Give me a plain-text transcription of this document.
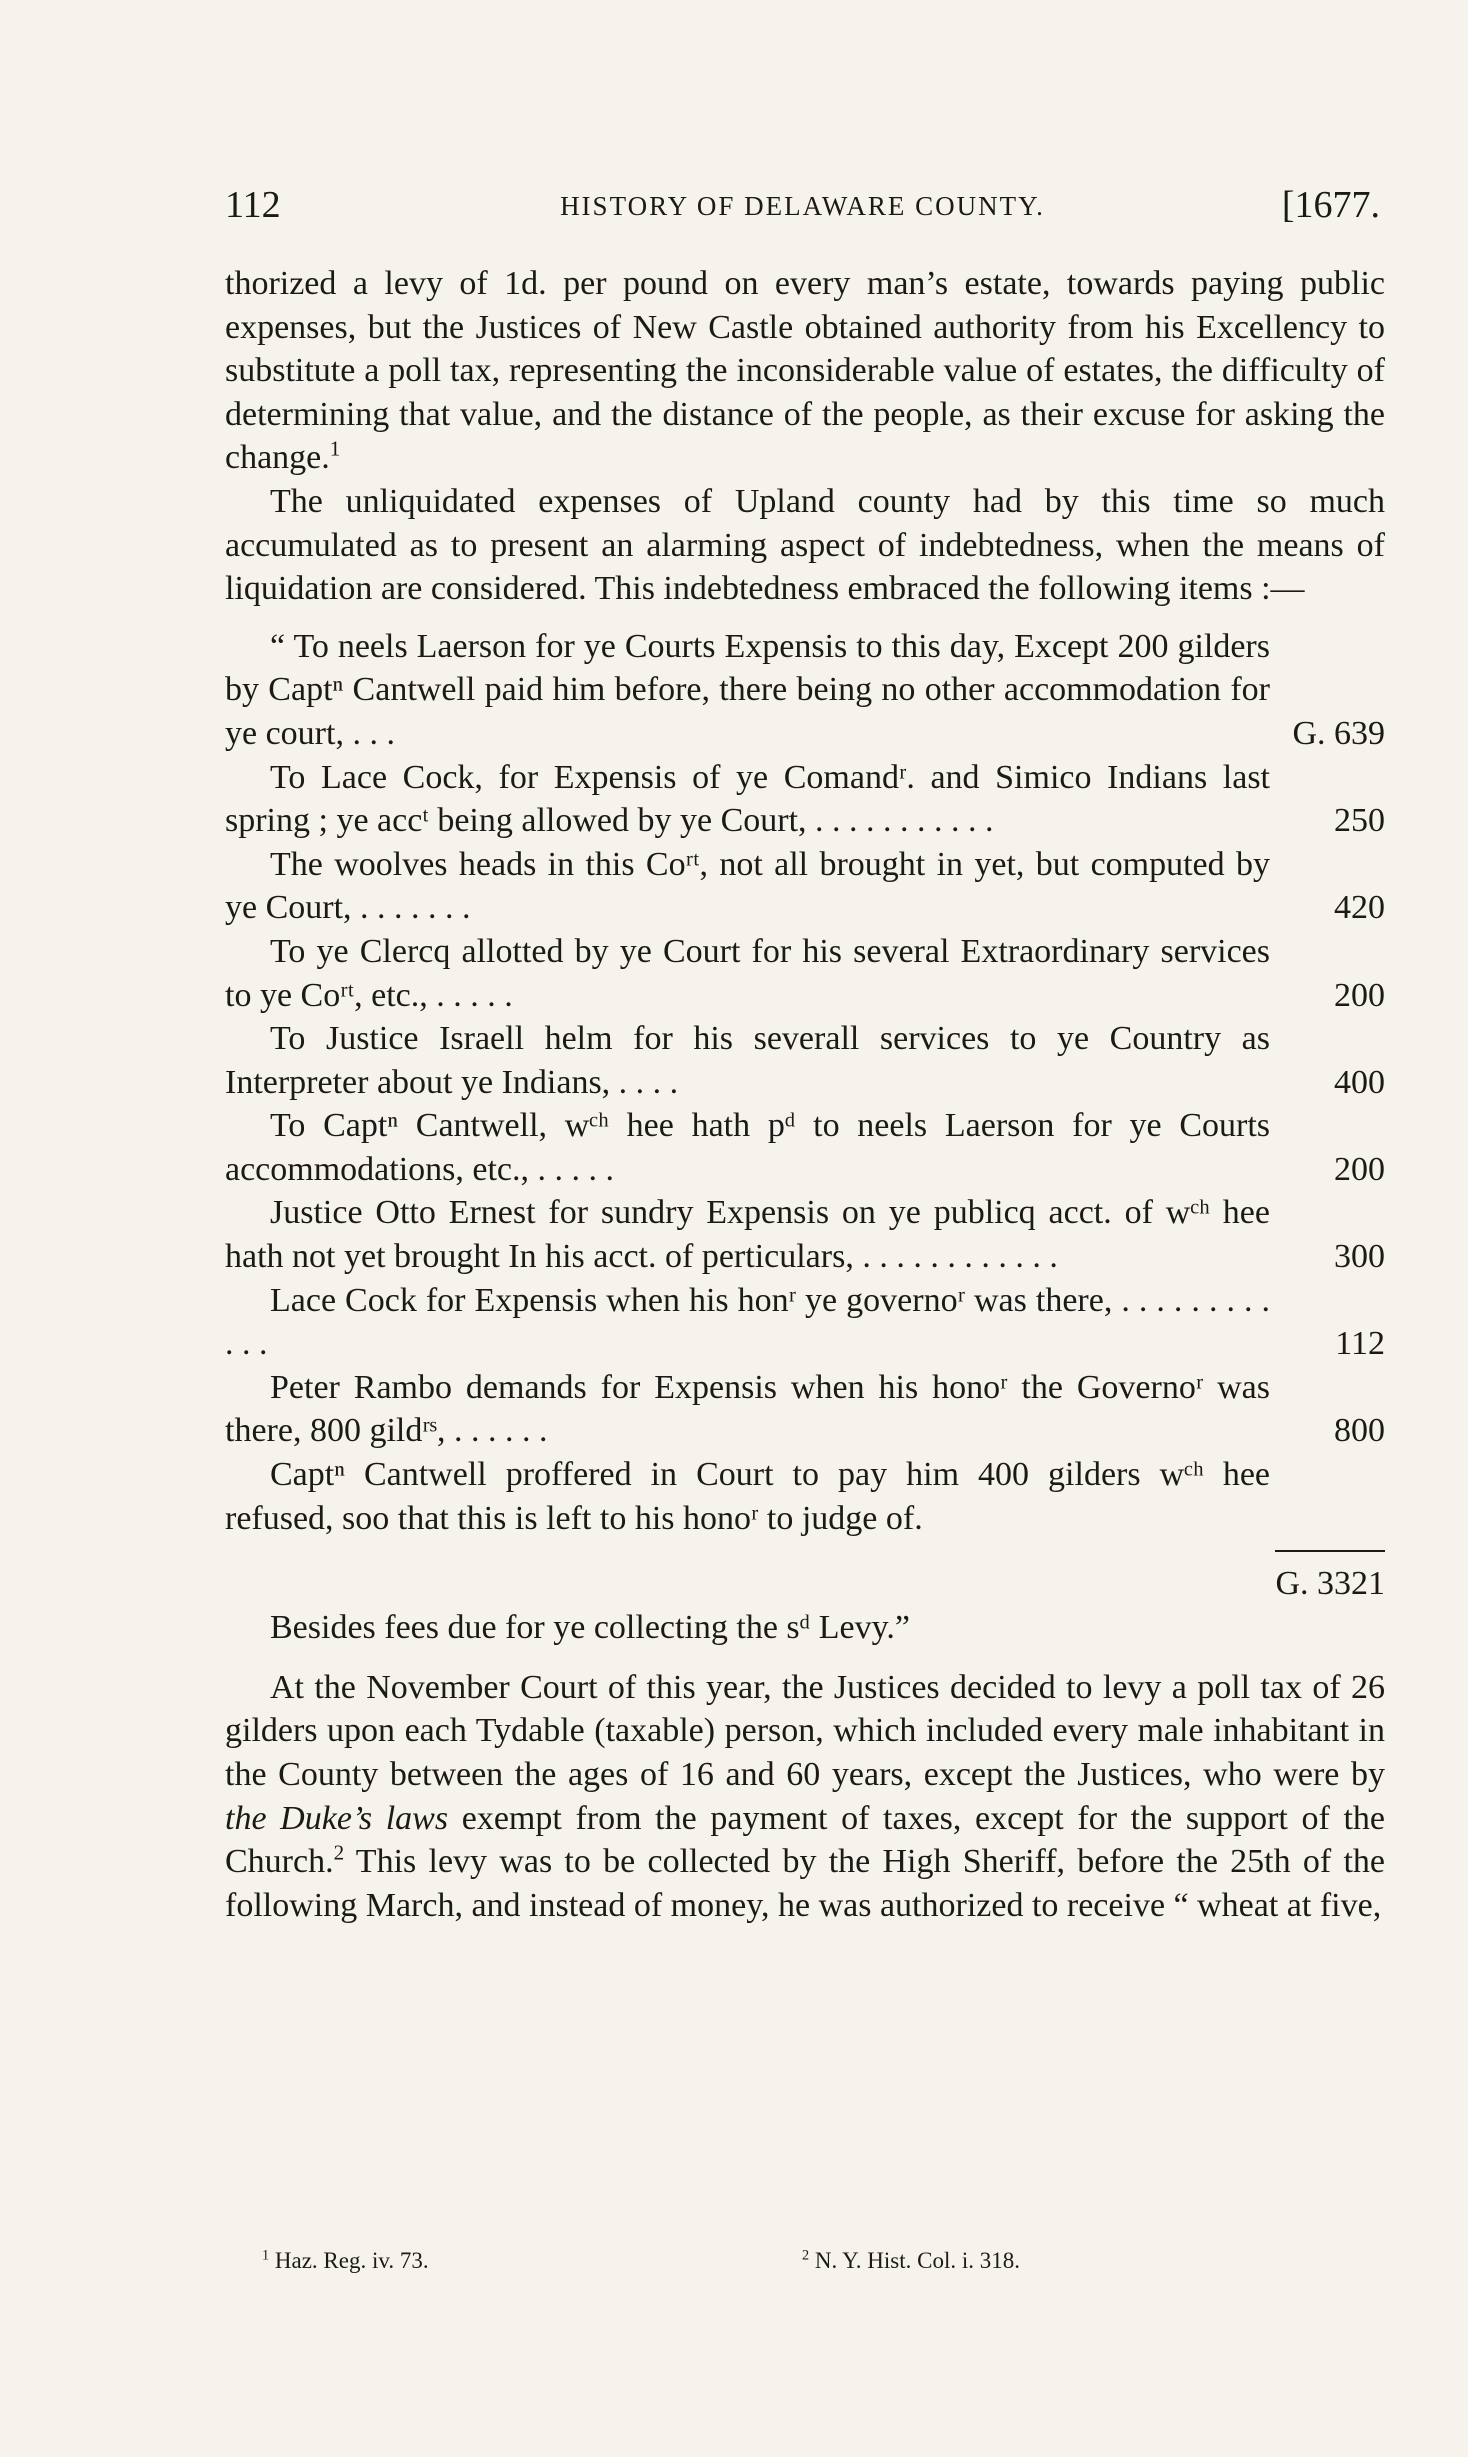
112	HISTORY OF DELAWARE COUNTY.	[1677.

thorized a levy of 1d. per pound on every man’s estate, towards paying public expenses, but the Justices of New Castle obtained authority from his Excellency to substitute a poll tax, representing the inconsiderable value of estates, the difficulty of determining that value, and the distance of the people, as their excuse for asking the change.$^1$

The unliquidated expenses of Upland county had by this time so much accumulated as to present an alarming aspect of indebtedness, when the means of liquidation are considered. This indebtedness embraced the following items :—

“ To neels Laerson for ye Courts Expensis to this day, Except 200 gilders by Captⁿ Cantwell paid him before, there being no other accommodation for ye court, . . .	G. 639

To Lace Cock, for Expensis of ye Comandʳ. and Simico Indians last spring ; ye accᵗ being allowed by ye Court, . . . . . . . . . . .	250

The woolves heads in this Coʳᵗ, not all brought in yet, but computed by ye Court, . . . . . . .	420

To ye Clercq allotted by ye Court for his several Extraordinary services to ye Coʳᵗ, etc., . . . . .	200

To Justice Israell helm for his severall services to ye Country as Interpreter about ye Indians, . . . .	400

To Captⁿ Cantwell, wᶜʰ hee hath pᵈ to neels Laerson for ye Courts accommodations, etc., . . . . .	200

Justice Otto Ernest for sundry Expensis on ye publicq acct. of wᶜʰ hee hath not yet brought In his acct. of perticulars, . . . . . . . . . . . .	300

Lace Cock for Expensis when his honʳ ye governoʳ was there, . . . . . . . . . . . .	112

Peter Rambo demands for Expensis when his honoʳ the Governoʳ was there, 800 gildʳˢ, . . . . . .	800

Captⁿ Cantwell proffered in Court to pay him 400 gilders wᶜʰ hee refused, soo that this is left to his honoʳ to judge of.

G. 3321

Besides fees due for ye collecting the sᵈ Levy.”

At the November Court of this year, the Justices decided to levy a poll tax of 26 gilders upon each Tydable (taxable) person, which included every male inhabitant in the County between the ages of 16 and 60 years, except the Justices, who were by the Duke’s laws exempt from the payment of taxes, except for the support of the Church.$^2$ This levy was to be collected by the High Sheriff, before the 25th of the following March, and instead of money, he was authorized to receive “ wheat at five,

$^1$ Haz. Reg. iv. 73.	$^2$ N. Y. Hist. Col. i. 318.
